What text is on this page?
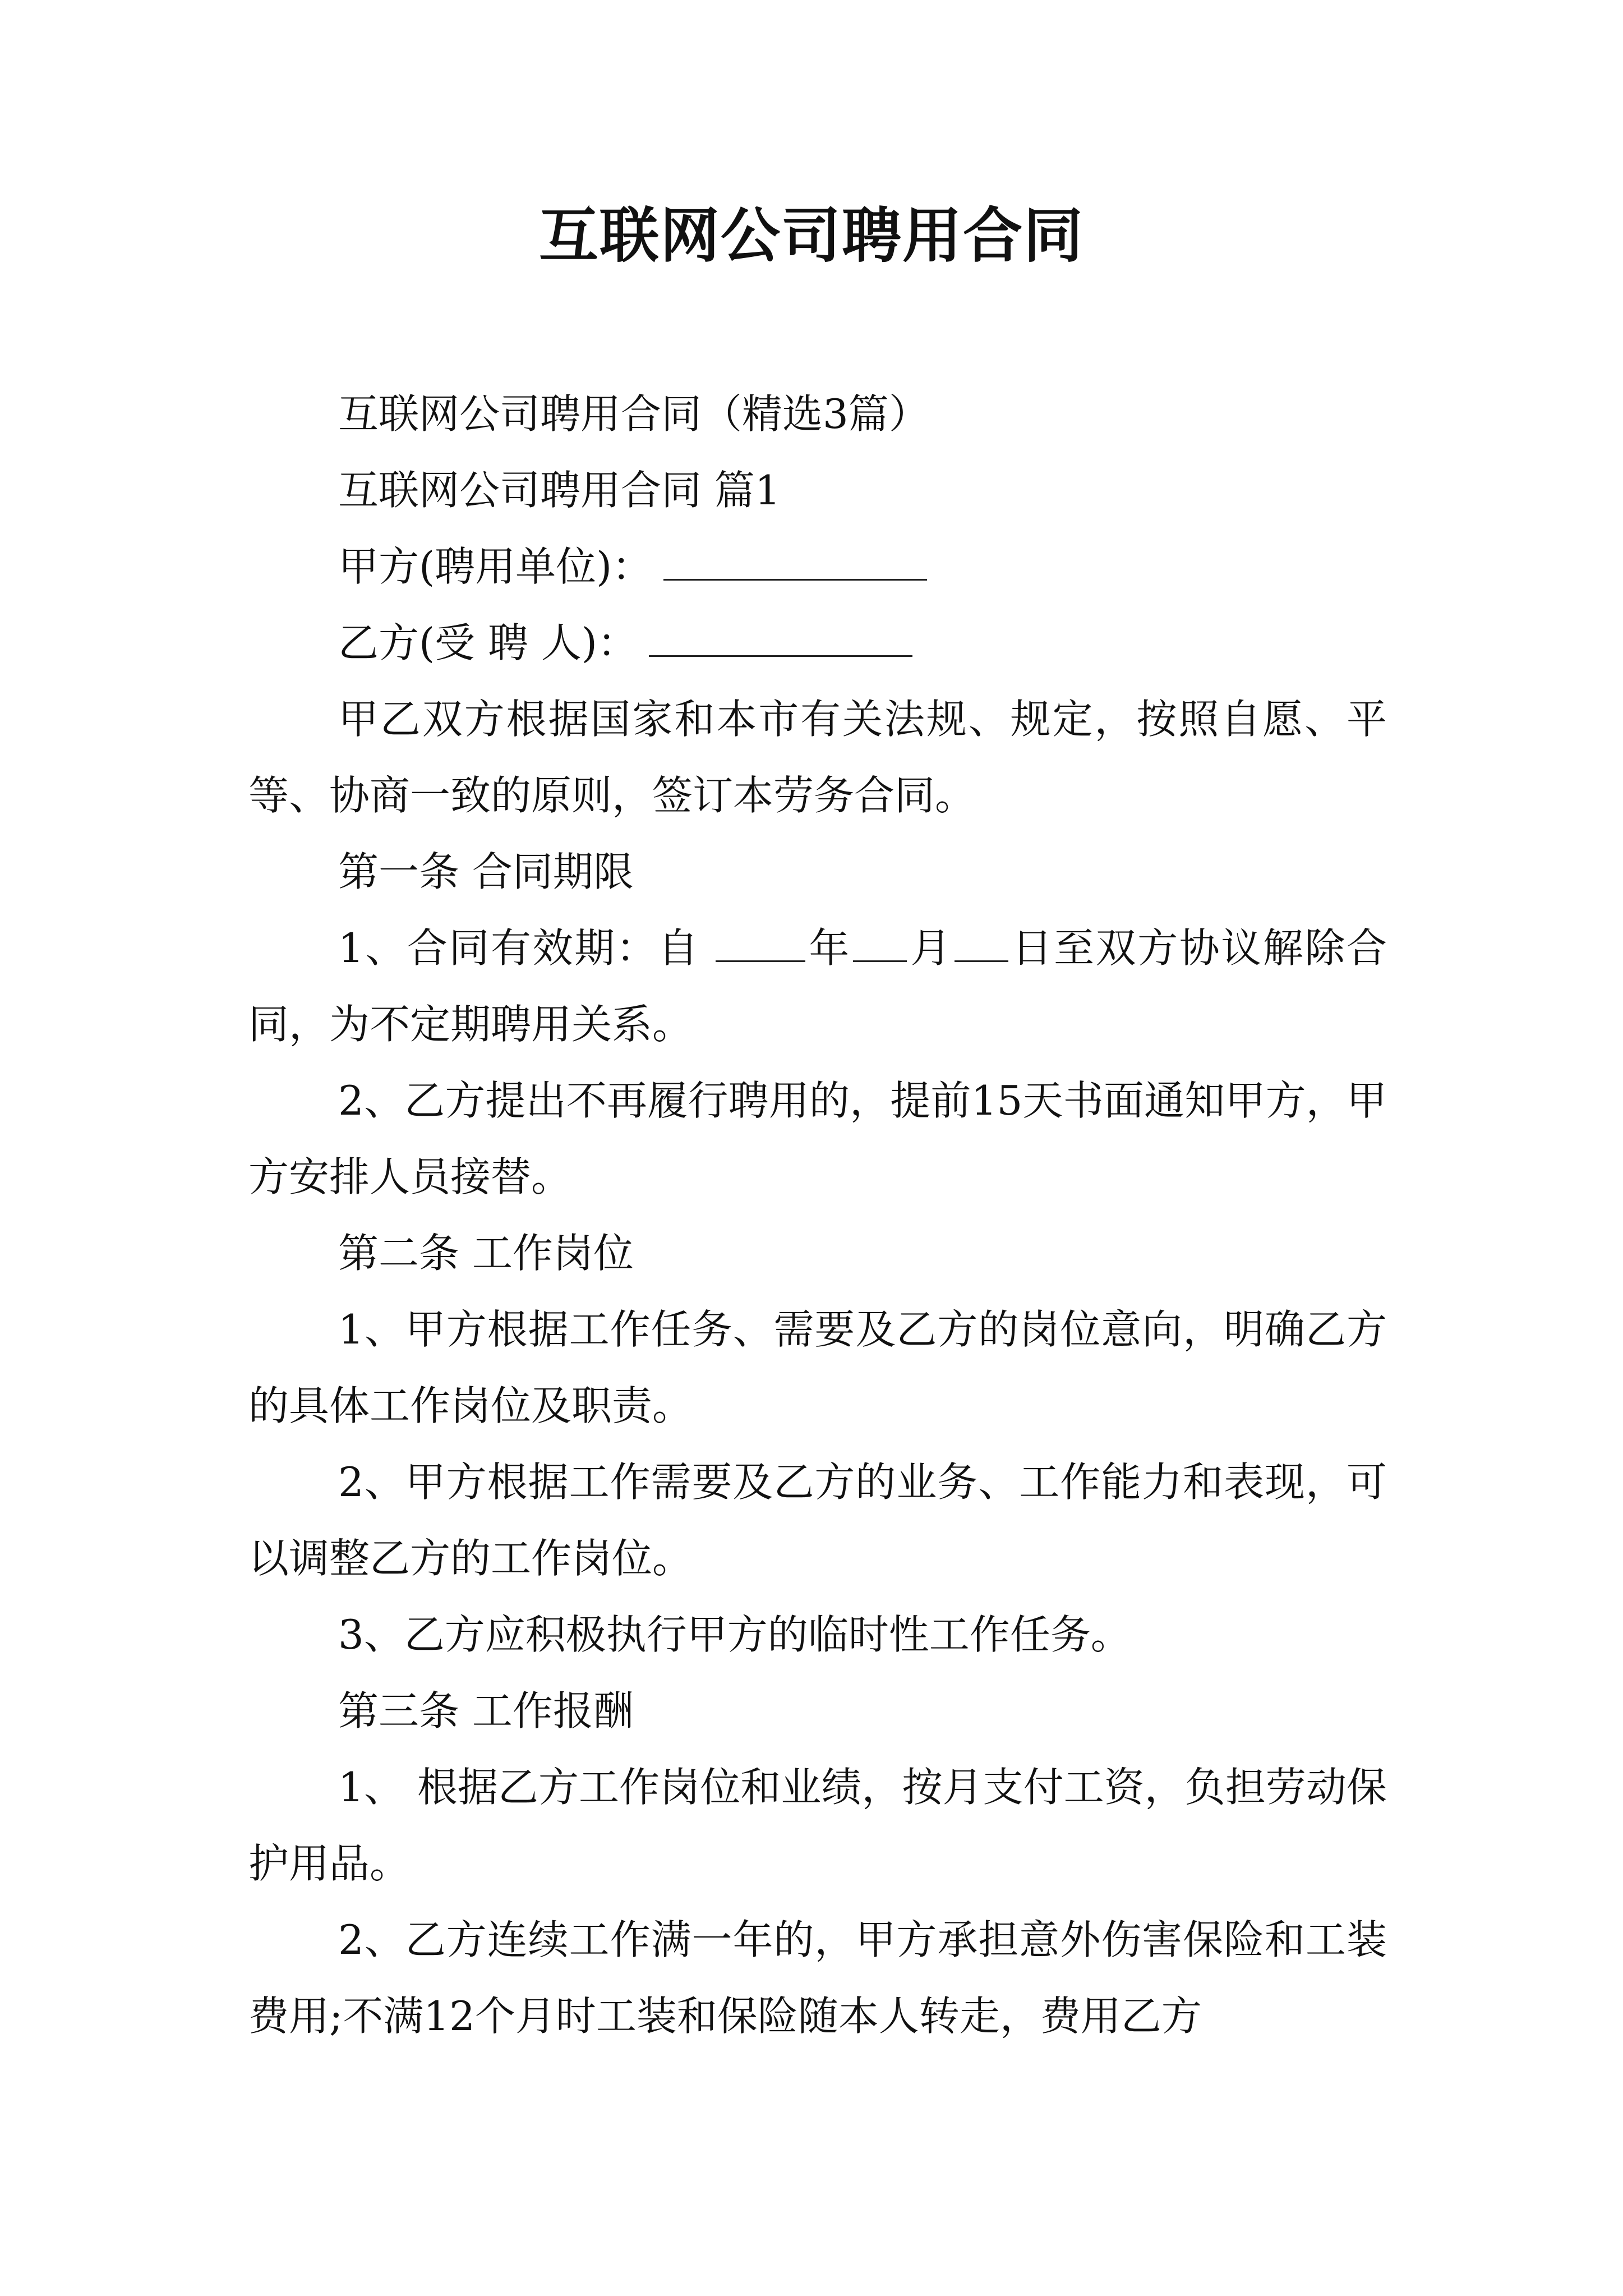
互联网公司聘用合同

互联网公司聘用合同（精选3篇）

互联网公司聘用合同 篇1

甲方(聘用单位)：

乙方(受 聘 人)：

甲乙双方根据国家和本市有关法规、规定，按照自愿、平等、协商一致的原则，签订本劳务合同。

第一条 合同期限

1、合同有效期：自	年 月 日至双方协议解除合同，为不定期聘用关系。

2、乙方提出不再履行聘用的，提前15天书面通知甲方，甲方安排人员接替。

第二条 工作岗位

1、甲方根据工作任务、需要及乙方的岗位意向，明确乙方的具体工作岗位及职责。

2、甲方根据工作需要及乙方的业务、工作能力和表现，可以调整乙方的工作岗位。

3、乙方应积极执行甲方的临时性工作任务。

第三条 工作报酬

1、 根据乙方工作岗位和业绩，按月支付工资，负担劳动保护用品。

2、乙方连续工作满一年的，甲方承担意外伤害保险和工装费用;不满12个月时工装和保险随本人转走，费用乙方
